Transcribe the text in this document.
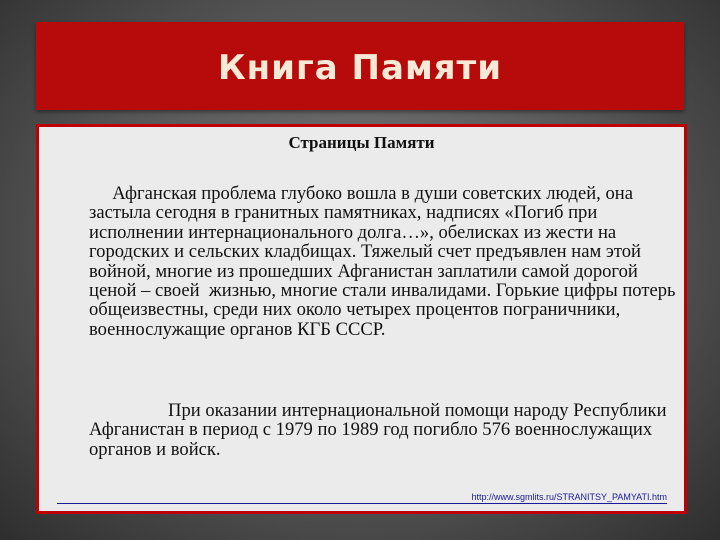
Книга Памяти
Страницы Памяти

Афганская проблема глубоко вошла в души советских людей, она застыла сегодня в гранитных памятниках, надписях «Погиб при исполнении интернационального долга…», обелисках из жести на городских и сельских кладбищах. Тяжелый счет предъявлен нам этой войной, многие из прошедших Афганистан заплатили самой дорогой ценой – своей  жизнью, многие стали инвалидами. Горькие цифры потерь общеизвестны, среди них около четырех процентов пограничники, военнослужащие органов КГБ СССР.

При оказании интернациональной помощи народу Республики Афганистан в период с 1979 по 1989 год погибло 576 военнослужащих органов и войск.

http://www.sgmlits.ru/STRANITSY_PAMYATI.htm
